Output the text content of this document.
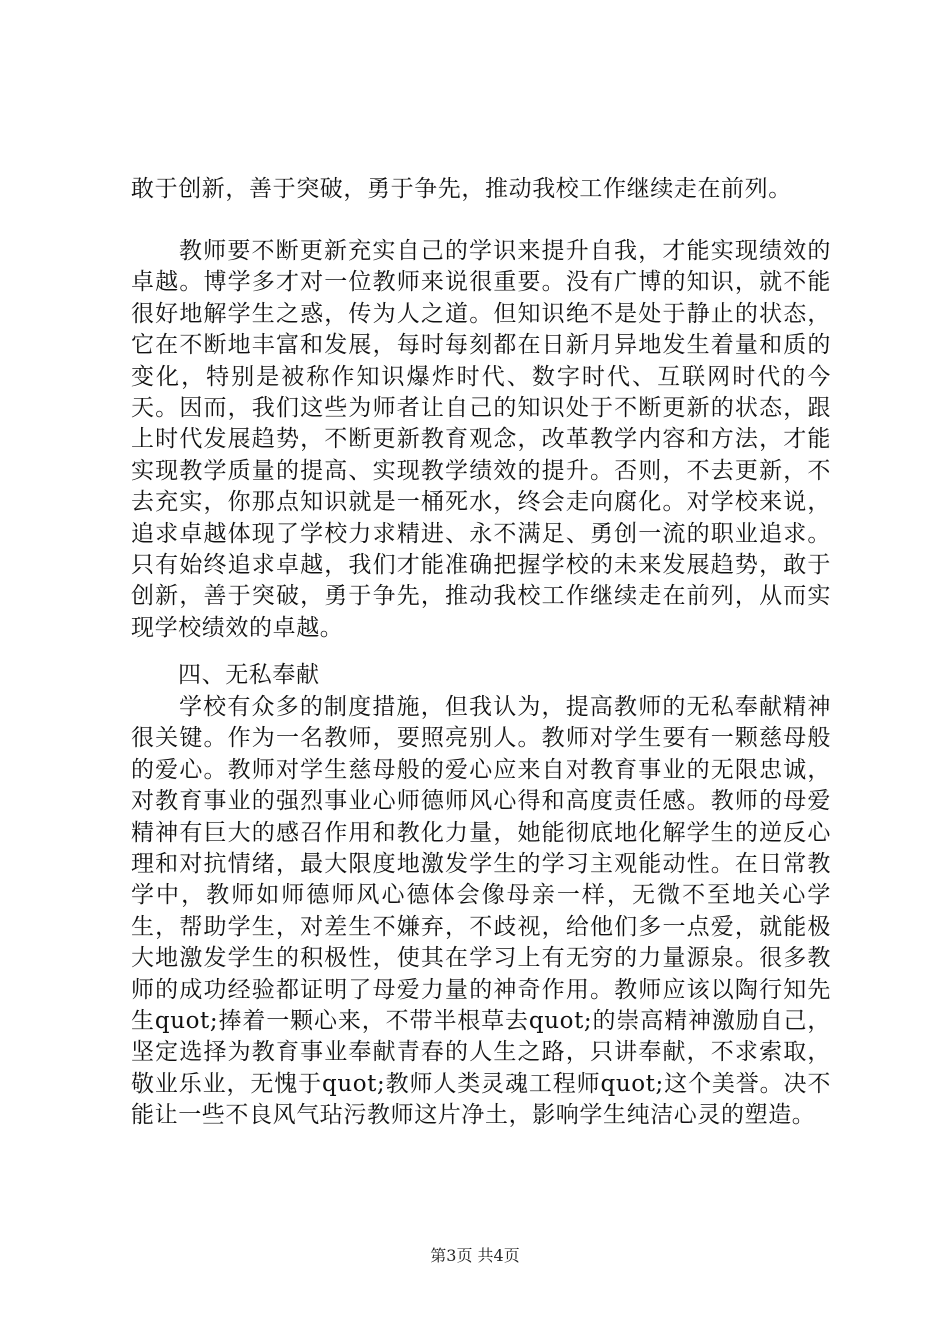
敢于创新，善于突破，勇于争先，推动我校工作继续走在前列。
教师要不断更新充实自己的学识来提升自我，才能实现绩效的卓越。博学多才对一位教师来说很重要。没有广博的知识，就不能很好地解学生之惑，传为人之道。但知识绝不是处于静止的状态，它在不断地丰富和发展，每时每刻都在日新月异地发生着量和质的变化，特别是被称作知识爆炸时代、数字时代、互联网时代的今天。因而，我们这些为师者让自己的知识处于不断更新的状态，跟上时代发展趋势，不断更新教育观念，改革教学内容和方法，才能实现教学质量的提高、实现教学绩效的提升。否则，不去更新，不去充实，你那点知识就是一桶死水，终会走向腐化。对学校来说，追求卓越体现了学校力求精进、永不满足、勇创一流的职业追求。只有始终追求卓越，我们才能准确把握学校的未来发展趋势，敢于创新，善于突破，勇于争先，推动我校工作继续走在前列，从而实现学校绩效的卓越。
四、无私奉献
学校有众多的制度措施，但我认为，提高教师的无私奉献精神很关键。作为一名教师，要照亮别人。教师对学生要有一颗慈母般的爱心。教师对学生慈母般的爱心应来自对教育事业的无限忠诚，对教育事业的强烈事业心师德师风心得和高度责任感。教师的母爱精神有巨大的感召作用和教化力量，她能彻底地化解学生的逆反心理和对抗情绪，最大限度地激发学生的学习主观能动性。在日常教学中，教师如师德师风心德体会像母亲一样，无微不至地关心学生，帮助学生，对差生不嫌弃，不歧视，给他们多一点爱，就能极大地激发学生的积极性，使其在学习上有无穷的力量源泉。很多教师的成功经验都证明了母爱力量的神奇作用。教师应该以陶行知先生quot;捧着一颗心来，不带半根草去quot;的崇高精神激励自己，坚定选择为教育事业奉献青春的人生之路，只讲奉献，不求索取，敬业乐业，无愧于quot;教师人类灵魂工程师quot;这个美誉。决不能让一些不良风气玷污教师这片净土，影响学生纯洁心灵的塑造。
第3页 共4页
